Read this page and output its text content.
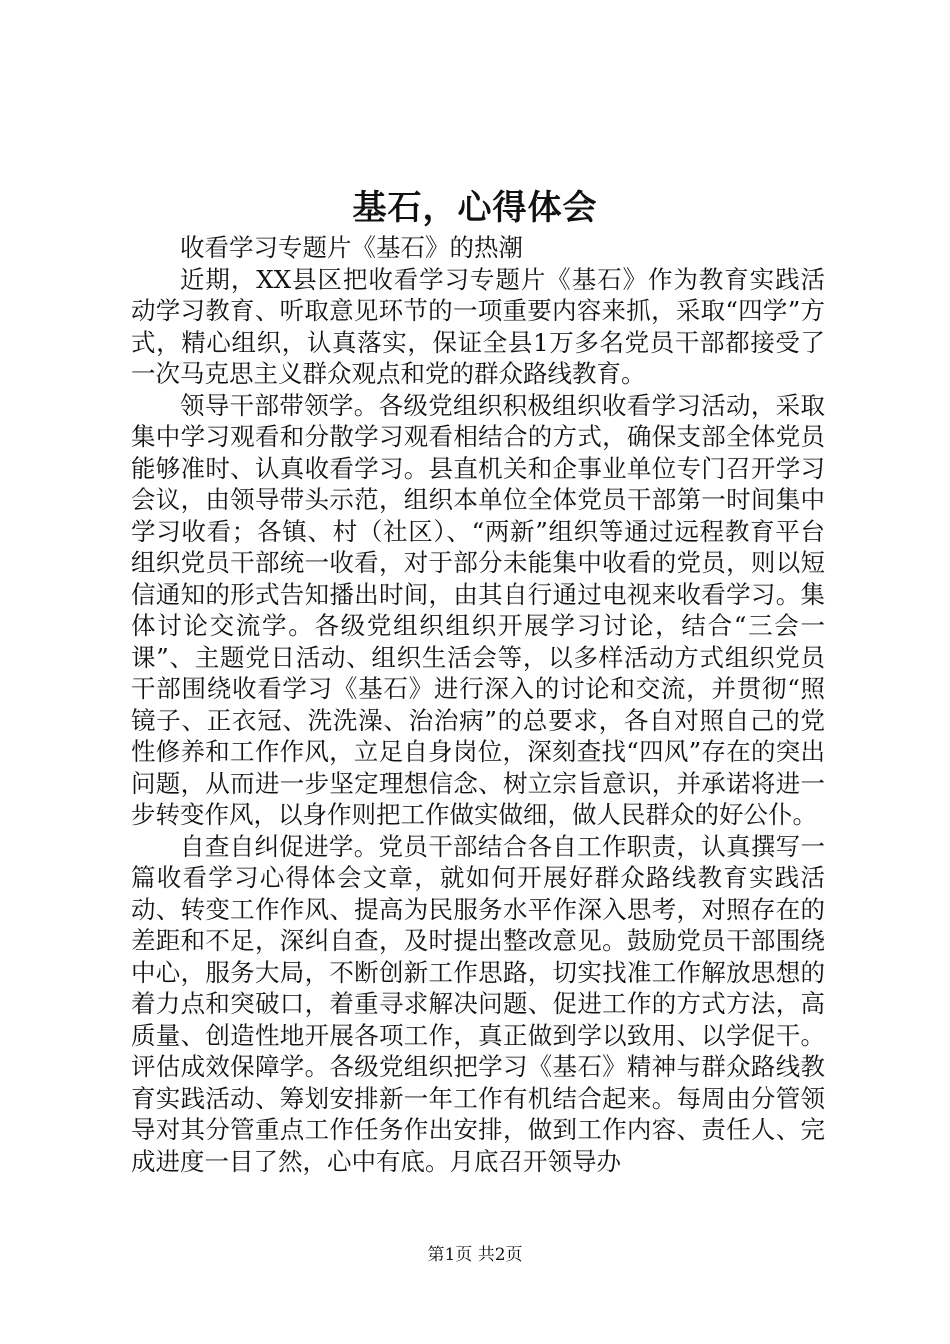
基石，心得体会

收看学习专题片《基石》的热潮

近期，XX县区把收看学习专题片《基石》作为教育实践活动学习教育、听取意见环节的一项重要内容来抓，采取“四学”方式，精心组织，认真落实，保证全县1万多名党员干部都接受了一次马克思主义群众观点和党的群众路线教育。

领导干部带领学。各级党组织积极组织收看学习活动，采取集中学习观看和分散学习观看相结合的方式，确保支部全体党员能够准时、认真收看学习。县直机关和企事业单位专门召开学习会议，由领导带头示范，组织本单位全体党员干部第一时间集中学习收看；各镇、村（社区）、“两新”组织等通过远程教育平台组织党员干部统一收看，对于部分未能集中收看的党员，则以短信通知的形式告知播出时间，由其自行通过电视来收看学习。集体讨论交流学。各级党组织组织开展学习讨论，结合“三会一课”、主题党日活动、组织生活会等，以多样活动方式组织党员干部围绕收看学习《基石》进行深入的讨论和交流，并贯彻“照镜子、正衣冠、洗洗澡、治治病”的总要求，各自对照自己的党性修养和工作作风，立足自身岗位，深刻查找“四风”存在的突出问题，从而进一步坚定理想信念、树立宗旨意识，并承诺将进一步转变作风，以身作则把工作做实做细，做人民群众的好公仆。

自查自纠促进学。党员干部结合各自工作职责，认真撰写一篇收看学习心得体会文章，就如何开展好群众路线教育实践活动、转变工作作风、提高为民服务水平作深入思考，对照存在的差距和不足，深纠自查，及时提出整改意见。鼓励党员干部围绕中心，服务大局，不断创新工作思路，切实找准工作解放思想的着力点和突破口，着重寻求解决问题、促进工作的方式方法，高质量、创造性地开展各项工作，真正做到学以致用、以学促干。评估成效保障学。各级党组织把学习《基石》精神与群众路线教育实践活动、筹划安排新一年工作有机结合起来。每周由分管领导对其分管重点工作任务作出安排，做到工作内容、责任人、完成进度一目了然，心中有底。月底召开领导办

第1页 共2页
